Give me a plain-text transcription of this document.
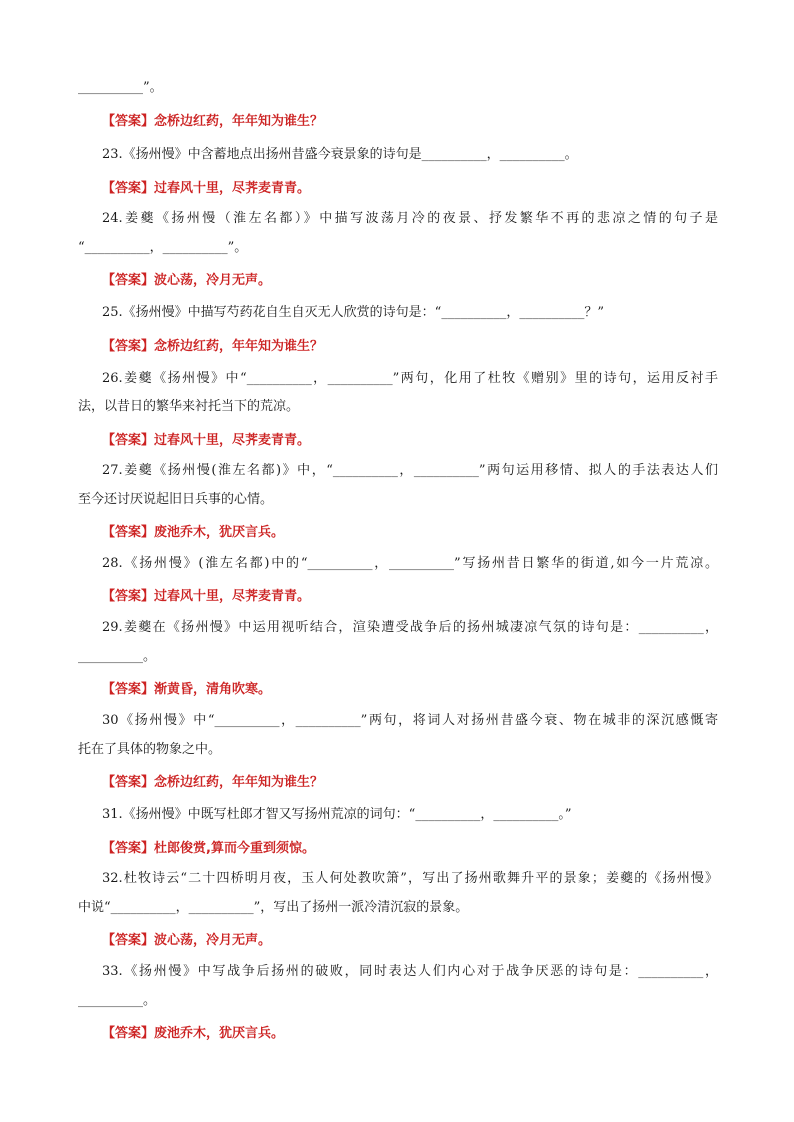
__________”。
【答案】念桥边红药，年年知为谁生？
23.《扬州慢》中含蓄地点出扬州昔盛今衰景象的诗句是__________，__________。
【答案】过春风十里，尽荠麦青青。
24.姜夔《扬州慢（淮左名都）》中描写波荡月冷的夜景、抒发繁华不再的悲凉之情的句子是
“__________，__________”。
【答案】波心荡，冷月无声。
25.《扬州慢》中描写芍药花自生自灭无人欣赏的诗句是：“__________，__________？”
【答案】念桥边红药，年年知为谁生？
26.姜夔《扬州慢》中“__________，__________”两句，化用了杜牧《赠别》里的诗句，运用反衬手
法，以昔日的繁华来衬托当下的荒凉。
【答案】过春风十里，尽荠麦青青。
27.姜夔《扬州慢(淮左名都)》中，“__________，__________”两句运用移情、拟人的手法表达人们
至今还讨厌说起旧日兵事的心情。
【答案】废池乔木，犹厌言兵。
28.《扬州慢》(淮左名都)中的“__________，__________”写扬州昔日繁华的街道,如今一片荒凉。
【答案】过春风十里，尽荠麦青青。
29.姜夔在《扬州慢》中运用视听结合，渲染遭受战争后的扬州城凄凉气氛的诗句是：__________，
__________。
【答案】渐黄昏，清角吹寒。
30《扬州慢》中“__________，__________”两句，将词人对扬州昔盛今衰、物在城非的深沉感慨寄
托在了具体的物象之中。
【答案】念桥边红药，年年知为谁生？
31.《扬州慢》中既写杜郎才智又写扬州荒凉的词句：“__________，__________。”
【答案】杜郎俊赏,算而今重到须惊。
32.杜牧诗云“二十四桥明月夜，玉人何处教吹箫”，写出了扬州歌舞升平的景象；姜夔的《扬州慢》
中说“__________，__________”，写出了扬州一派冷清沉寂的景象。
【答案】波心荡，冷月无声。
33.《扬州慢》中写战争后扬州的破败，同时表达人们内心对于战争厌恶的诗句是：__________，
__________。
【答案】废池乔木，犹厌言兵。
